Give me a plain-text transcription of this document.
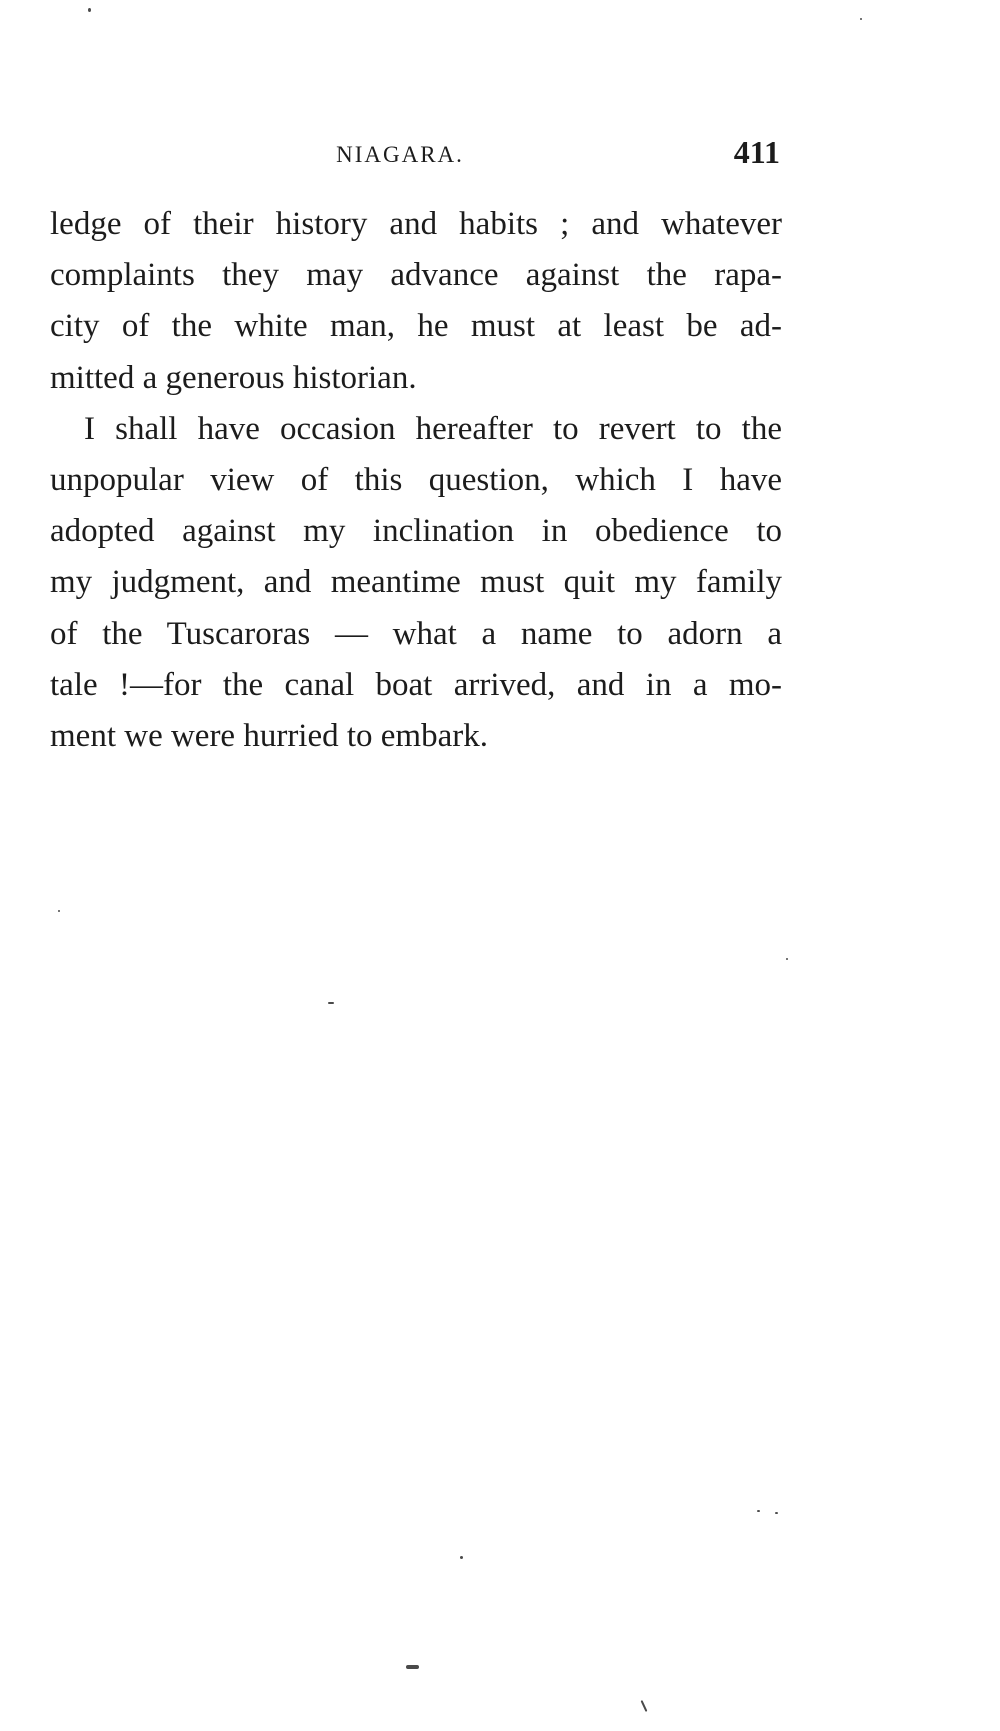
NIAGARA.	411
ledge of their history and habits ; and whatever
complaints they may advance against the rapa-
city of the white man, he must at least be ad-
mitted a generous historian.
I shall have occasion hereafter to revert to the
unpopular view of this question, which I have
adopted against my inclination in obedience to
my judgment, and meantime must quit my family
of the Tuscaroras — what a name to adorn a
tale !—for the canal boat arrived, and in a mo-
ment we were hurried to embark.
